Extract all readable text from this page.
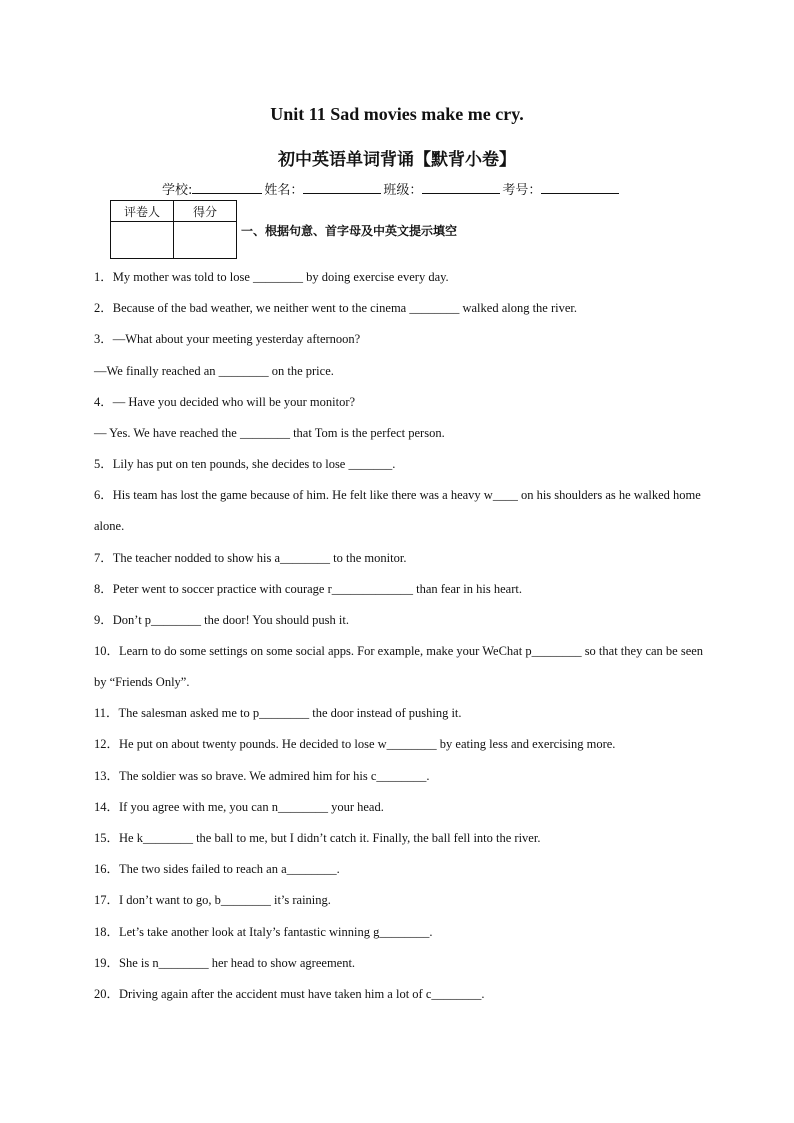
Unit 11 Sad movies make me cry.
初中英语单词背诵【默背小卷】
学校:	姓名：	班级：	考号：
评卷人	得分

一、根据句意、首字母及中英文提示填空
1．My mother was told to lose ________ by doing exercise every day.
2．Because of the bad weather, we neither went to the cinema ________ walked along the river.
3．—What about your meeting yesterday afternoon?
—We finally reached an ________ on the price.
4．— Have you decided who will be your monitor?
— Yes. We have reached the ________ that Tom is the perfect person.
5．Lily has put on ten pounds, she decides to lose _______.
6．His team has lost the game because of him. He felt like there was a heavy w____ on his shoulders as he walked home alone.
7．The teacher nodded to show his a________ to the monitor.
8．Peter went to soccer practice with courage r_____________ than fear in his heart.
9．Don’t p________ the door! You should push it.
10．Learn to do some settings on some social apps. For example, make your WeChat p________ so that they can be seen by “Friends Only”.
11．The salesman asked me to p________ the door instead of pushing it.
12．He put on about twenty pounds. He decided to lose w________ by eating less and exercising more.
13．The soldier was so brave. We admired him for his c________.
14．If you agree with me, you can n________ your head.
15．He k________ the ball to me, but I didn’t catch it. Finally, the ball fell into the river.
16．The two sides failed to reach an a________.
17．I don’t want to go, b________ it’s raining.
18．Let’s take another look at Italy’s fantastic winning g________.
19．She is n________ her head to show agreement.
20．Driving again after the accident must have taken him a lot of c________.
